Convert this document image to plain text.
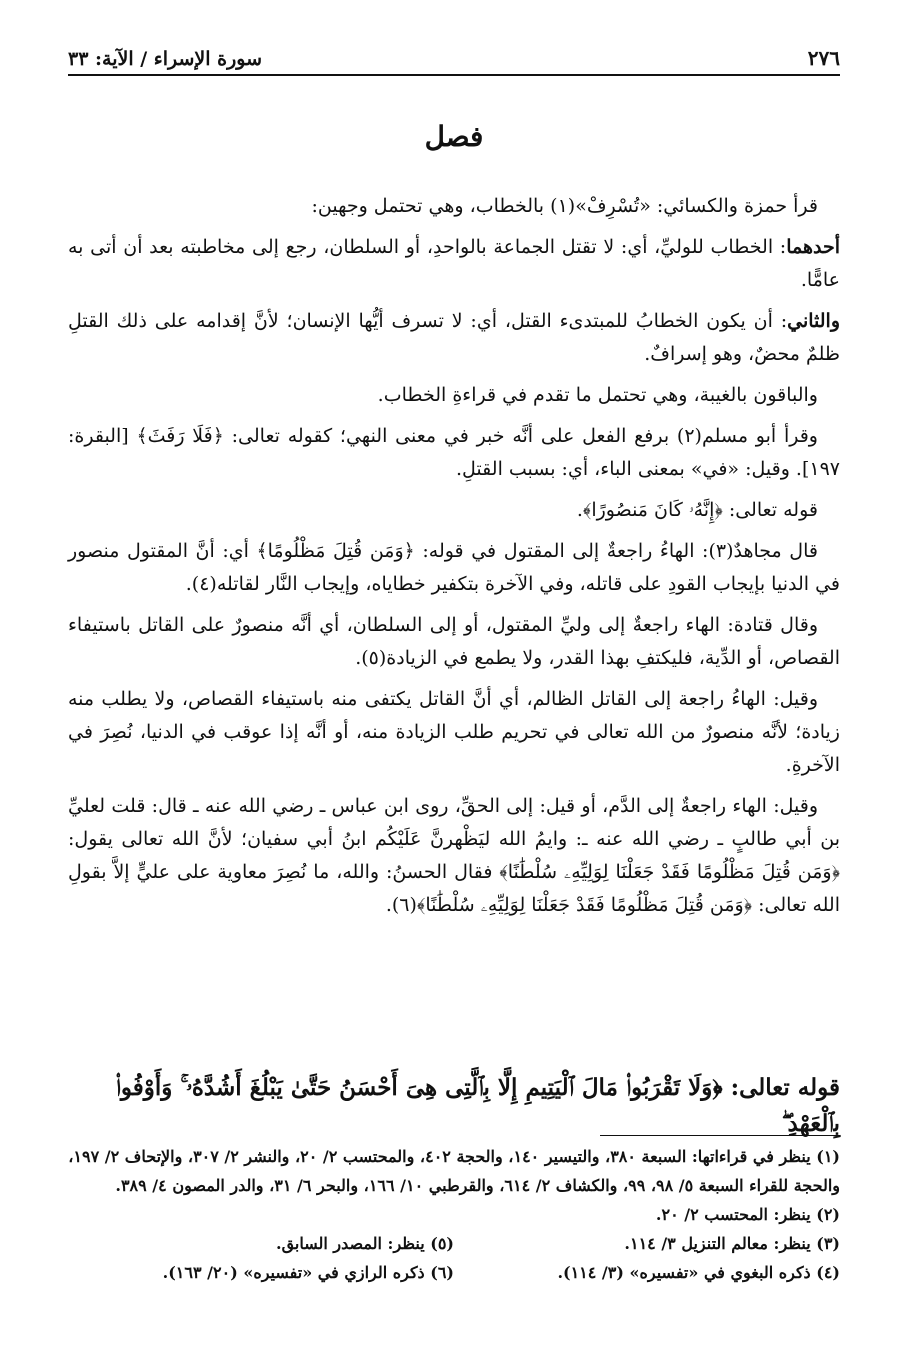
٢٧٦
سورة الإسراء / الآية: ٣٣
فصل

قرأ حمزة والكسائي: «تُسْرِفْ»(١) بالخطاب، وهي تحتمل وجهين:

أحدهما: الخطاب للوليِّ، أي: لا تقتل الجماعة بالواحدِ، أو السلطان، رجع إلى مخاطبته بعد أن أتى به عامًّا.

والثاني: أن يكون الخطابُ للمبتدىء القتل، أي: لا تسرف أيُّها الإنسان؛ لأنَّ إقدامه على ذلك القتلِ ظلمٌ محضٌ، وهو إسرافٌ.

والباقون بالغيبة، وهي تحتمل ما تقدم في قراءةِ الخطاب.

وقرأ أبو مسلم(٢) برفع الفعل على أنَّه خبر في معنى النهي؛ كقوله تعالى: ﴿فَلَا رَفَثَ﴾ [البقرة: ١٩٧]. وقيل: «في» بمعنى الباء، أي: بسبب القتلِ.

قوله تعالى: ﴿إِنَّهُۥ كَانَ مَنصُورًا﴾.

قال مجاهدٌ(٣): الهاءُ راجعةٌ إلى المقتول في قوله: ﴿وَمَن قُتِلَ مَظْلُومًا﴾ أي: أنَّ المقتول منصور في الدنيا بإيجاب القودِ على قاتله، وفي الآخرة بتكفير خطاياه، وإيجاب النَّار لقاتله(٤).

وقال قتادة: الهاء راجعةٌ إلى وليِّ المقتول، أو إلى السلطان، أي أنَّه منصورٌ على القاتل باستيفاء القصاص، أو الدِّية، فليكتفِ بهذا القدر، ولا يطمع في الزيادة(٥).

وقيل: الهاءُ راجعة إلى القاتل الظالم، أي أنَّ القاتل يكتفى منه باستيفاء القصاص، ولا يطلب منه زيادة؛ لأنَّه منصورٌ من الله تعالى في تحريم طلب الزيادة منه، أو أنَّه إذا عوقب في الدنيا، نُصِرَ في الآخرةِ.

وقيل: الهاء راجعةٌ إلى الدَّم، أو قيل: إلى الحقِّ، روى ابن عباس ـ رضي الله عنه ـ قال: قلت لعليِّ بن أبي طالبٍ ـ رضي الله عنه ـ: وايمُ الله ليَظْهرنَّ عَلَيْكُم ابنُ أبي سفيان؛ لأنَّ الله تعالى يقول: ﴿وَمَن قُتِلَ مَظْلُومًا فَقَدْ جَعَلْنَا لِوَلِيِّهِۦ سُلْطَٰنًا﴾ فقال الحسنُ: والله، ما نُصِرَ معاوية على عليٍّ إلاَّ بقولِ الله تعالى: ﴿وَمَن قُتِلَ مَظْلُومًا فَقَدْ جَعَلْنَا لِوَلِيِّهِۦ سُلْطَٰنًا﴾(٦).

قوله تعالى: ﴿وَلَا تَقْرَبُوا۟ مَالَ ٱلْيَتِيمِ إِلَّا بِٱلَّتِى هِىَ أَحْسَنُ حَتَّىٰ يَبْلُغَ أَشُدَّهُۥ ۚ وَأَوْفُوا۟ بِٱلْعَهْدِ ۖ

(١) ينظر في قراءاتها: السبعة ٣٨٠، والتيسير ١٤٠، والحجة ٤٠٢، والمحتسب ٢/ ٢٠، والنشر ٢/ ٣٠٧، والإتحاف ٢/ ١٩٧، والحجة للقراء السبعة ٥/ ٩٨، ٩٩، والكشاف ٢/ ٦١٤، والقرطبي ١٠/ ١٦٦، والبحر ٦/ ٣١، والدر المصون ٤/ ٣٨٩.

(٢) ينظر: المحتسب ٢/ ٢٠.

(٣) ينظر: معالم التنزيل ٣/ ١١٤.

(٥) ينظر: المصدر السابق.

(٤) ذكره البغوي في «تفسيره» (٣/ ١١٤).

(٦) ذكره الرازي في «تفسيره» (٢٠/ ١٦٣).
